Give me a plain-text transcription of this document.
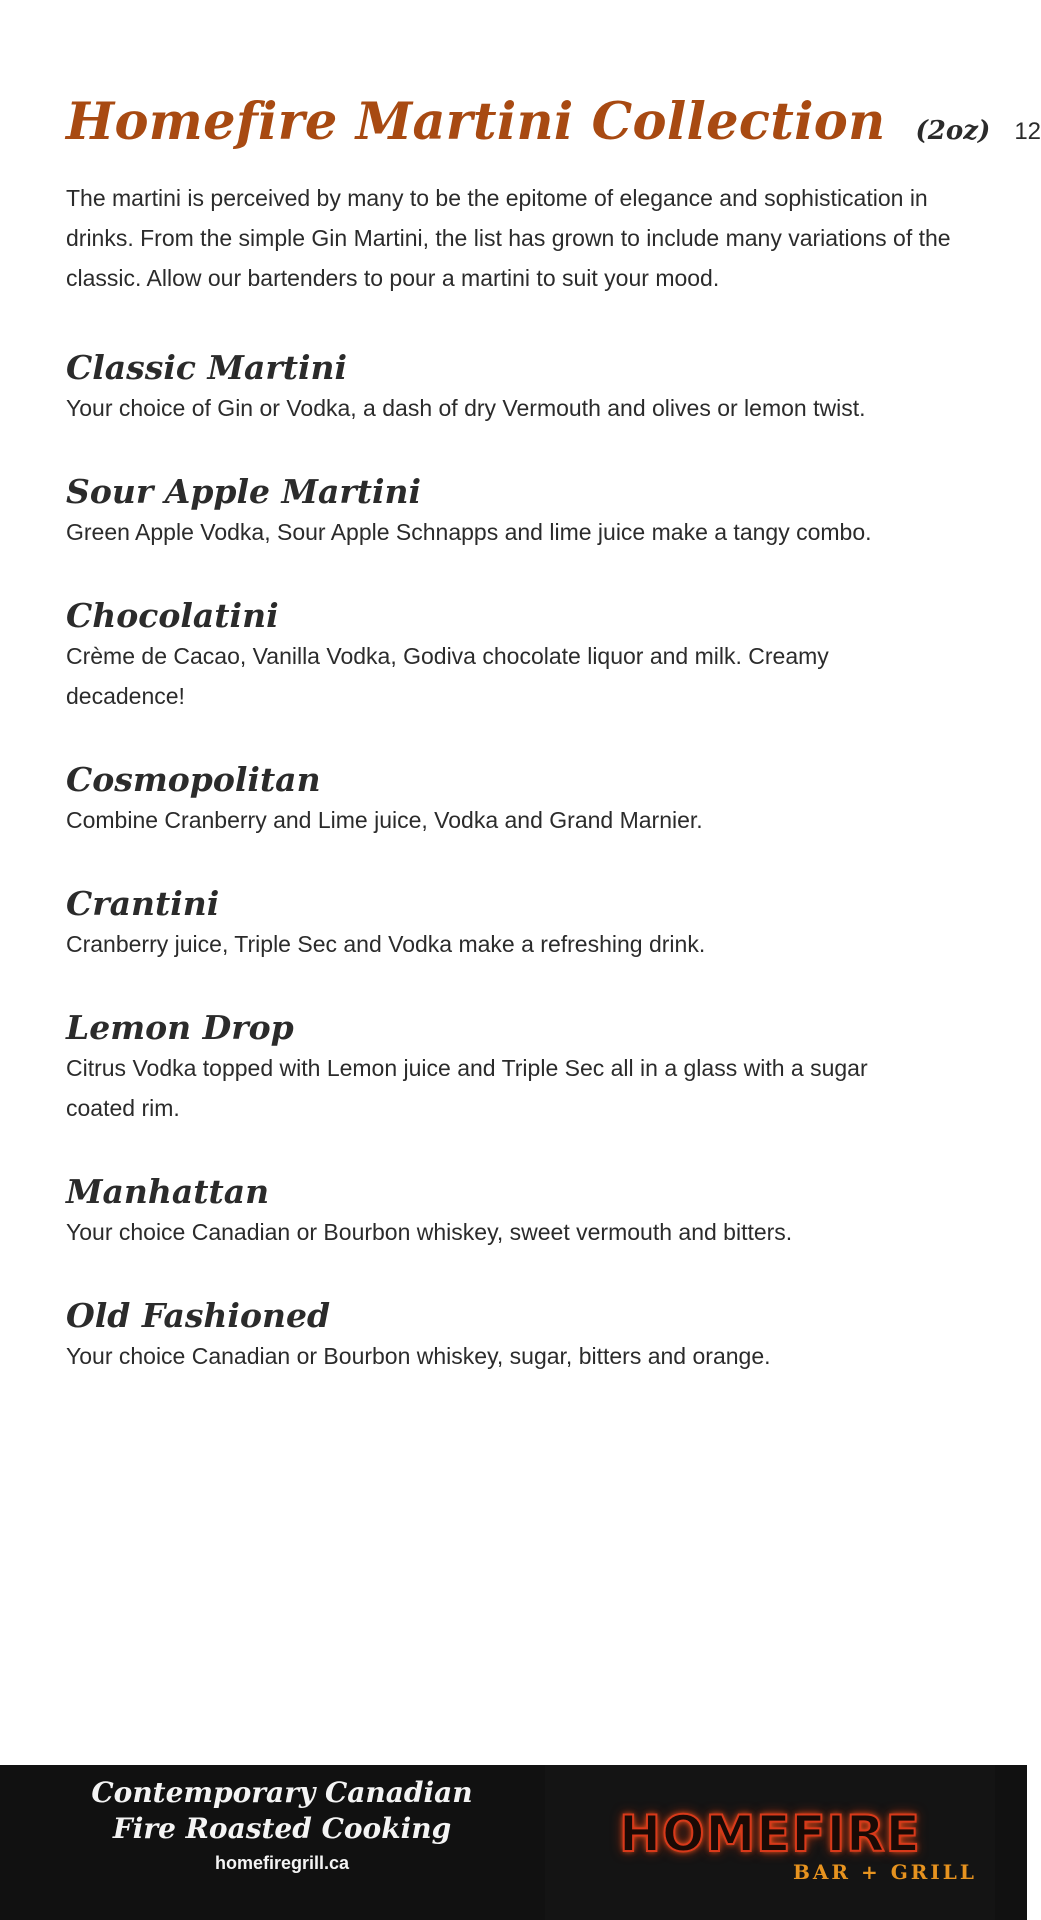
Homefire Martini Collection (2oz) 12

The martini is perceived by many to be the epitome of elegance and sophistication in drinks. From the simple Gin Martini, the list has grown to include many variations of the classic. Allow our bartenders to pour a martini to suit your mood.

Classic Martini
Your choice of Gin or Vodka, a dash of dry Vermouth and olives or lemon twist.
Sour Apple Martini
Green Apple Vodka, Sour Apple Schnapps and lime juice make a tangy combo.
Chocolatini
Crème de Cacao, Vanilla Vodka, Godiva chocolate liquor and milk. Creamy decadence!
Cosmopolitan
Combine Cranberry and Lime juice, Vodka and Grand Marnier.
Crantini
Cranberry juice, Triple Sec and Vodka make a refreshing drink.
Lemon Drop
Citrus Vodka topped with Lemon juice and Triple Sec all in a glass with a sugar coated rim.
Manhattan
Your choice Canadian or Bourbon whiskey, sweet vermouth and bitters.
Old Fashioned
Your choice Canadian or Bourbon whiskey, sugar, bitters and orange.
Contemporary Canadian
Fire Roasted Cooking
homefiregrill.ca	HOMEFIRE
BAR + GRILL
